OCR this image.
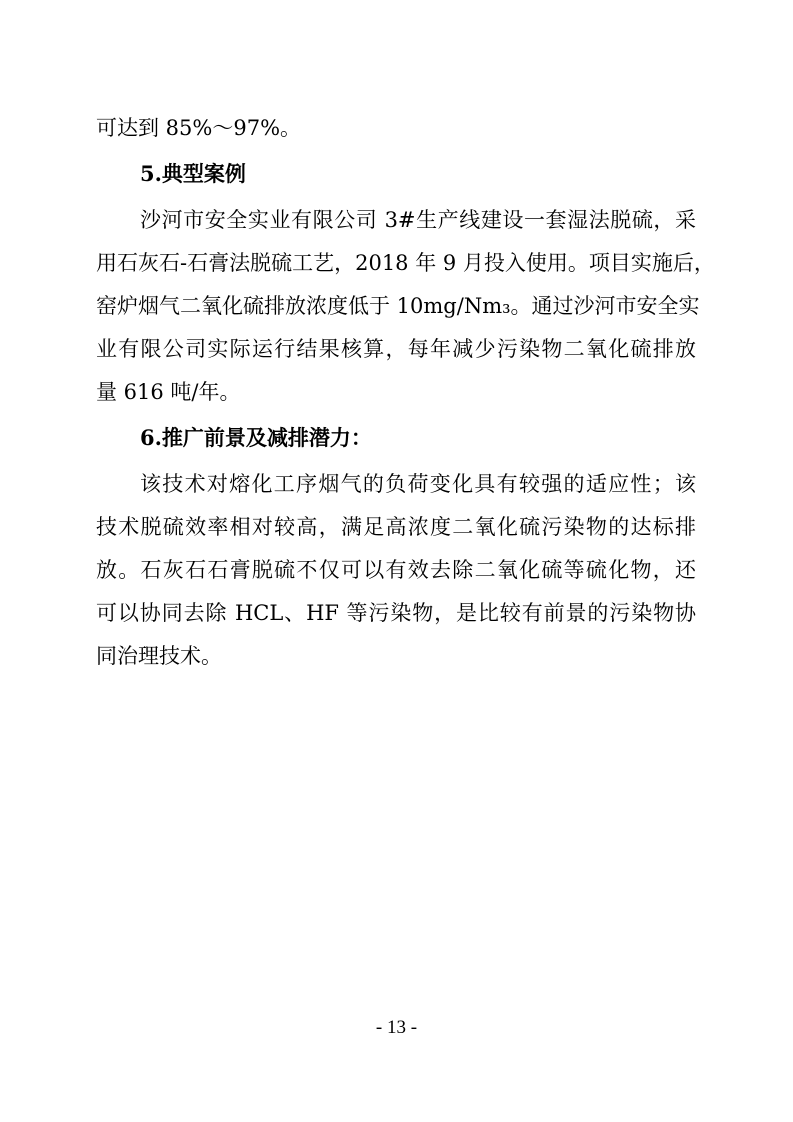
可达到 85%～97%。
5.典型案例
沙河市安全实业有限公司 3#生产线建设一套湿法脱硫，采
用石灰石-石膏法脱硫工艺，2018 年 9 月投入使用。项目实施后，
窑炉烟气二氧化硫排放浓度低于 10mg/Nm₃。通过沙河市安全实
业有限公司实际运行结果核算，每年减少污染物二氧化硫排放
量 616 吨/年。
6.推广前景及减排潜力：
该技术对熔化工序烟气的负荷变化具有较强的适应性；该
技术脱硫效率相对较高，满足高浓度二氧化硫污染物的达标排
放。石灰石石膏脱硫不仅可以有效去除二氧化硫等硫化物，还
可以协同去除 HCL、HF 等污染物，是比较有前景的污染物协
同治理技术。
- 13 -
